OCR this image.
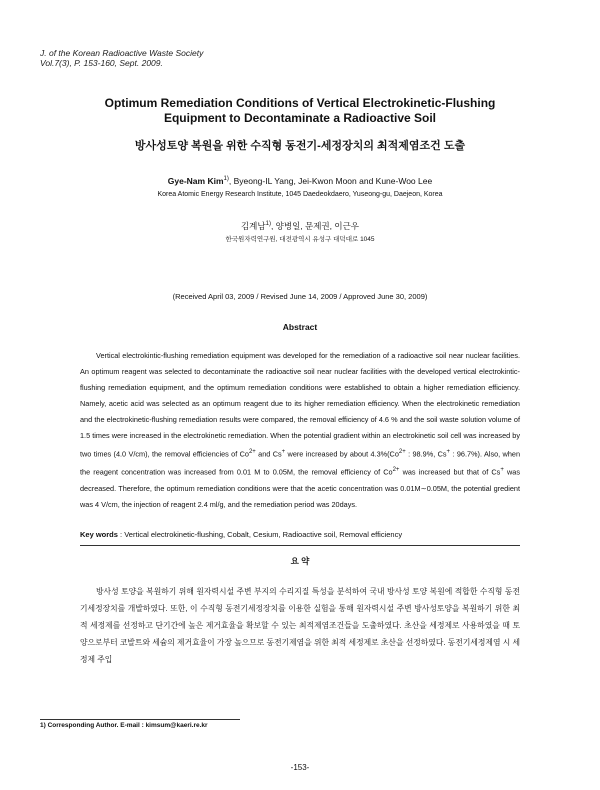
J. of the Korean Radioactive Waste Society
Vol.7(3), P. 153-160, Sept. 2009.
Optimum Remediation Conditions of Vertical Electrokinetic-Flushing
Equipment to Decontaminate a Radioactive Soil
방사성토양 복원을 위한 수직형 동전기-세정장치의 최적제염조건 도출
Gye-Nam Kim$^{1)}$, Byeong-IL Yang, Jei-Kwon Moon and Kune-Woo Lee
Korea Atomic Energy Research Institute, 1045 Daedeokdaero, Yuseong-gu, Daejeon, Korea
김계남$^{1)}$, 양병일, 문제권, 이근우
한국원자력연구원, 대전광역시 유성구 대덕대로 1045
(Received April 03, 2009 / Revised June 14, 2009 / Approved June 30, 2009)
Abstract

Vertical electrokintic-flushing remediation equipment was developed for the remediation of a radioactive soil near nuclear facilities. An optimum reagent was selected to decontaminate the radioactive soil near nuclear facilities with the developed vertical electrokintic-flushing remediation equipment, and the optimum remediation conditions were established to obtain a higher remediation efficiency. Namely, acetic acid was selected as an optimum reagent due to its higher remediation efficiency. When the electrokinetic remediation and the electrokinetic-flushing remediation results were compared, the removal efficiency of 4.6 % and the soil waste solution volume of 1.5 times were increased in the electrokinetic remediation. When the potential gradient within an electrokinetic soil cell was increased by two times (4.0 V/cm), the removal efficiencies of $Co^{2+}$ and Cs+ were increased by about $4.3\%(Co^{2+}$ : 98.9%, Cs+ : 96.7%). Also, when the reagent concentration was increased from 0.01 M to 0.05M, the removal efficiency of $Co^{2+}$ was increased but that of Cs+ was decreased. Therefore, the optimum remediation conditions were that the acetic concentration was 0.01M∼0.05M, the potential gredient was 4 V/cm, the injection of reagent 2.4 ml/g, and the remediation period was 20days.

Key words : Vertical electrokinetic-flushing, Cobalt, Cesium, Radioactive soil, Removal efficiency
요 약

방사성 토양을 복원하기 위해 원자력시설 주변 부지의 수리지질 특성을 분석하여 국내 방사성 토양 복원에 적합한 수직형 동전기세정장치를 개발하였다. 또한, 이 수직형 동전기세정장치를 이용한 실험을 통해 원자력시설 주변 방사성토양을 복원하기 위한 최적 세정제를 선정하고 단기간에 높은 제거효율을 확보할 수 있는 최적제염조건들을 도출하였다. 초산을 세정제로 사용하였을 때 토양으로부터 코발트와 세슘의 제거효율이 가장 높으므로 동전기제염을 위한 최적 세정제로 초산을 선정하였다. 동전기세정제염 시 세정제 주입

1) Corresponding Author. E-mail : kimsum@kaeri.re.kr
-153-
